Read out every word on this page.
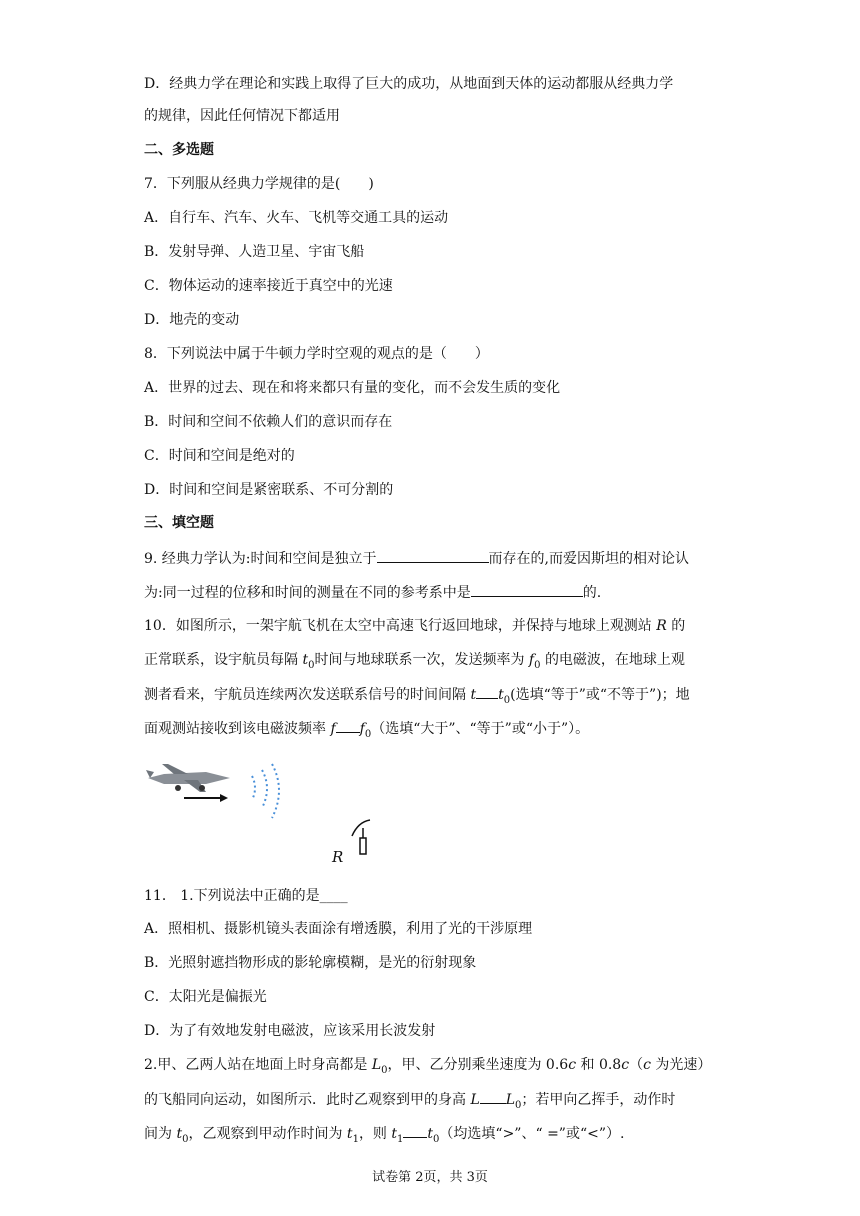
D．经典力学在理论和实践上取得了巨大的成功，从地面到天体的运动都服从经典力学
的规律，因此任何情况下都适用
二、多选题
7．下列服从经典力学规律的是(　　)
A．自行车、汽车、火车、飞机等交通工具的运动
B．发射导弹、人造卫星、宇宙飞船
C．物体运动的速率接近于真空中的光速
D．地壳的变动
8．下列说法中属于牛顿力学时空观的观点的是（　　）
A．世界的过去、现在和将来都只有量的变化，而不会发生质的变化
B．时间和空间不依赖人们的意识而存在
C．时间和空间是绝对的
D．时间和空间是紧密联系、不可分割的
三、填空题
9. 经典力学认为:时间和空间是独立于	而存在的,而爱因斯坦的相对论认
为:同一过程的位移和时间的测量在不同的参考系中是	的.
10．如图所示，一架宇航飞机在太空中高速飞行返回地球，并保持与地球上观测站 R 的
正常联系，设宇航员每隔 $t_0$时间与地球联系一次，发送频率为 $f_0$ 的电磁波，在地球上观
测者看来，宇航员连续两次发送联系信号的时间间隔 t $t_0$(选填“等于”或“不等于”)；地
面观测站接收到该电磁波频率 f $f_0$（选填“大于”、“等于”或“小于”）。
R
11． 1.下列说法中正确的是____
A．照相机、摄影机镜头表面涂有增透膜，利用了光的干涉原理
B．光照射遮挡物形成的影轮廓模糊，是光的衍射现象
C．太阳光是偏振光
D．为了有效地发射电磁波，应该采用长波发射
2.甲、乙两人站在地面上时身高都是 $L_0$，甲、乙分别乘坐速度为 0.6c 和 0.8c（c 为光速）
的飞船同向运动，如图所示．此时乙观察到甲的身高 L $L_0$；若甲向乙挥手，动作时
间为 $t_0$，乙观察到甲动作时间为 $t_1$，则 $t_1$ $t_0$（均选填“>”、“ =”或“<”）.
试卷第 2页，共 3页
